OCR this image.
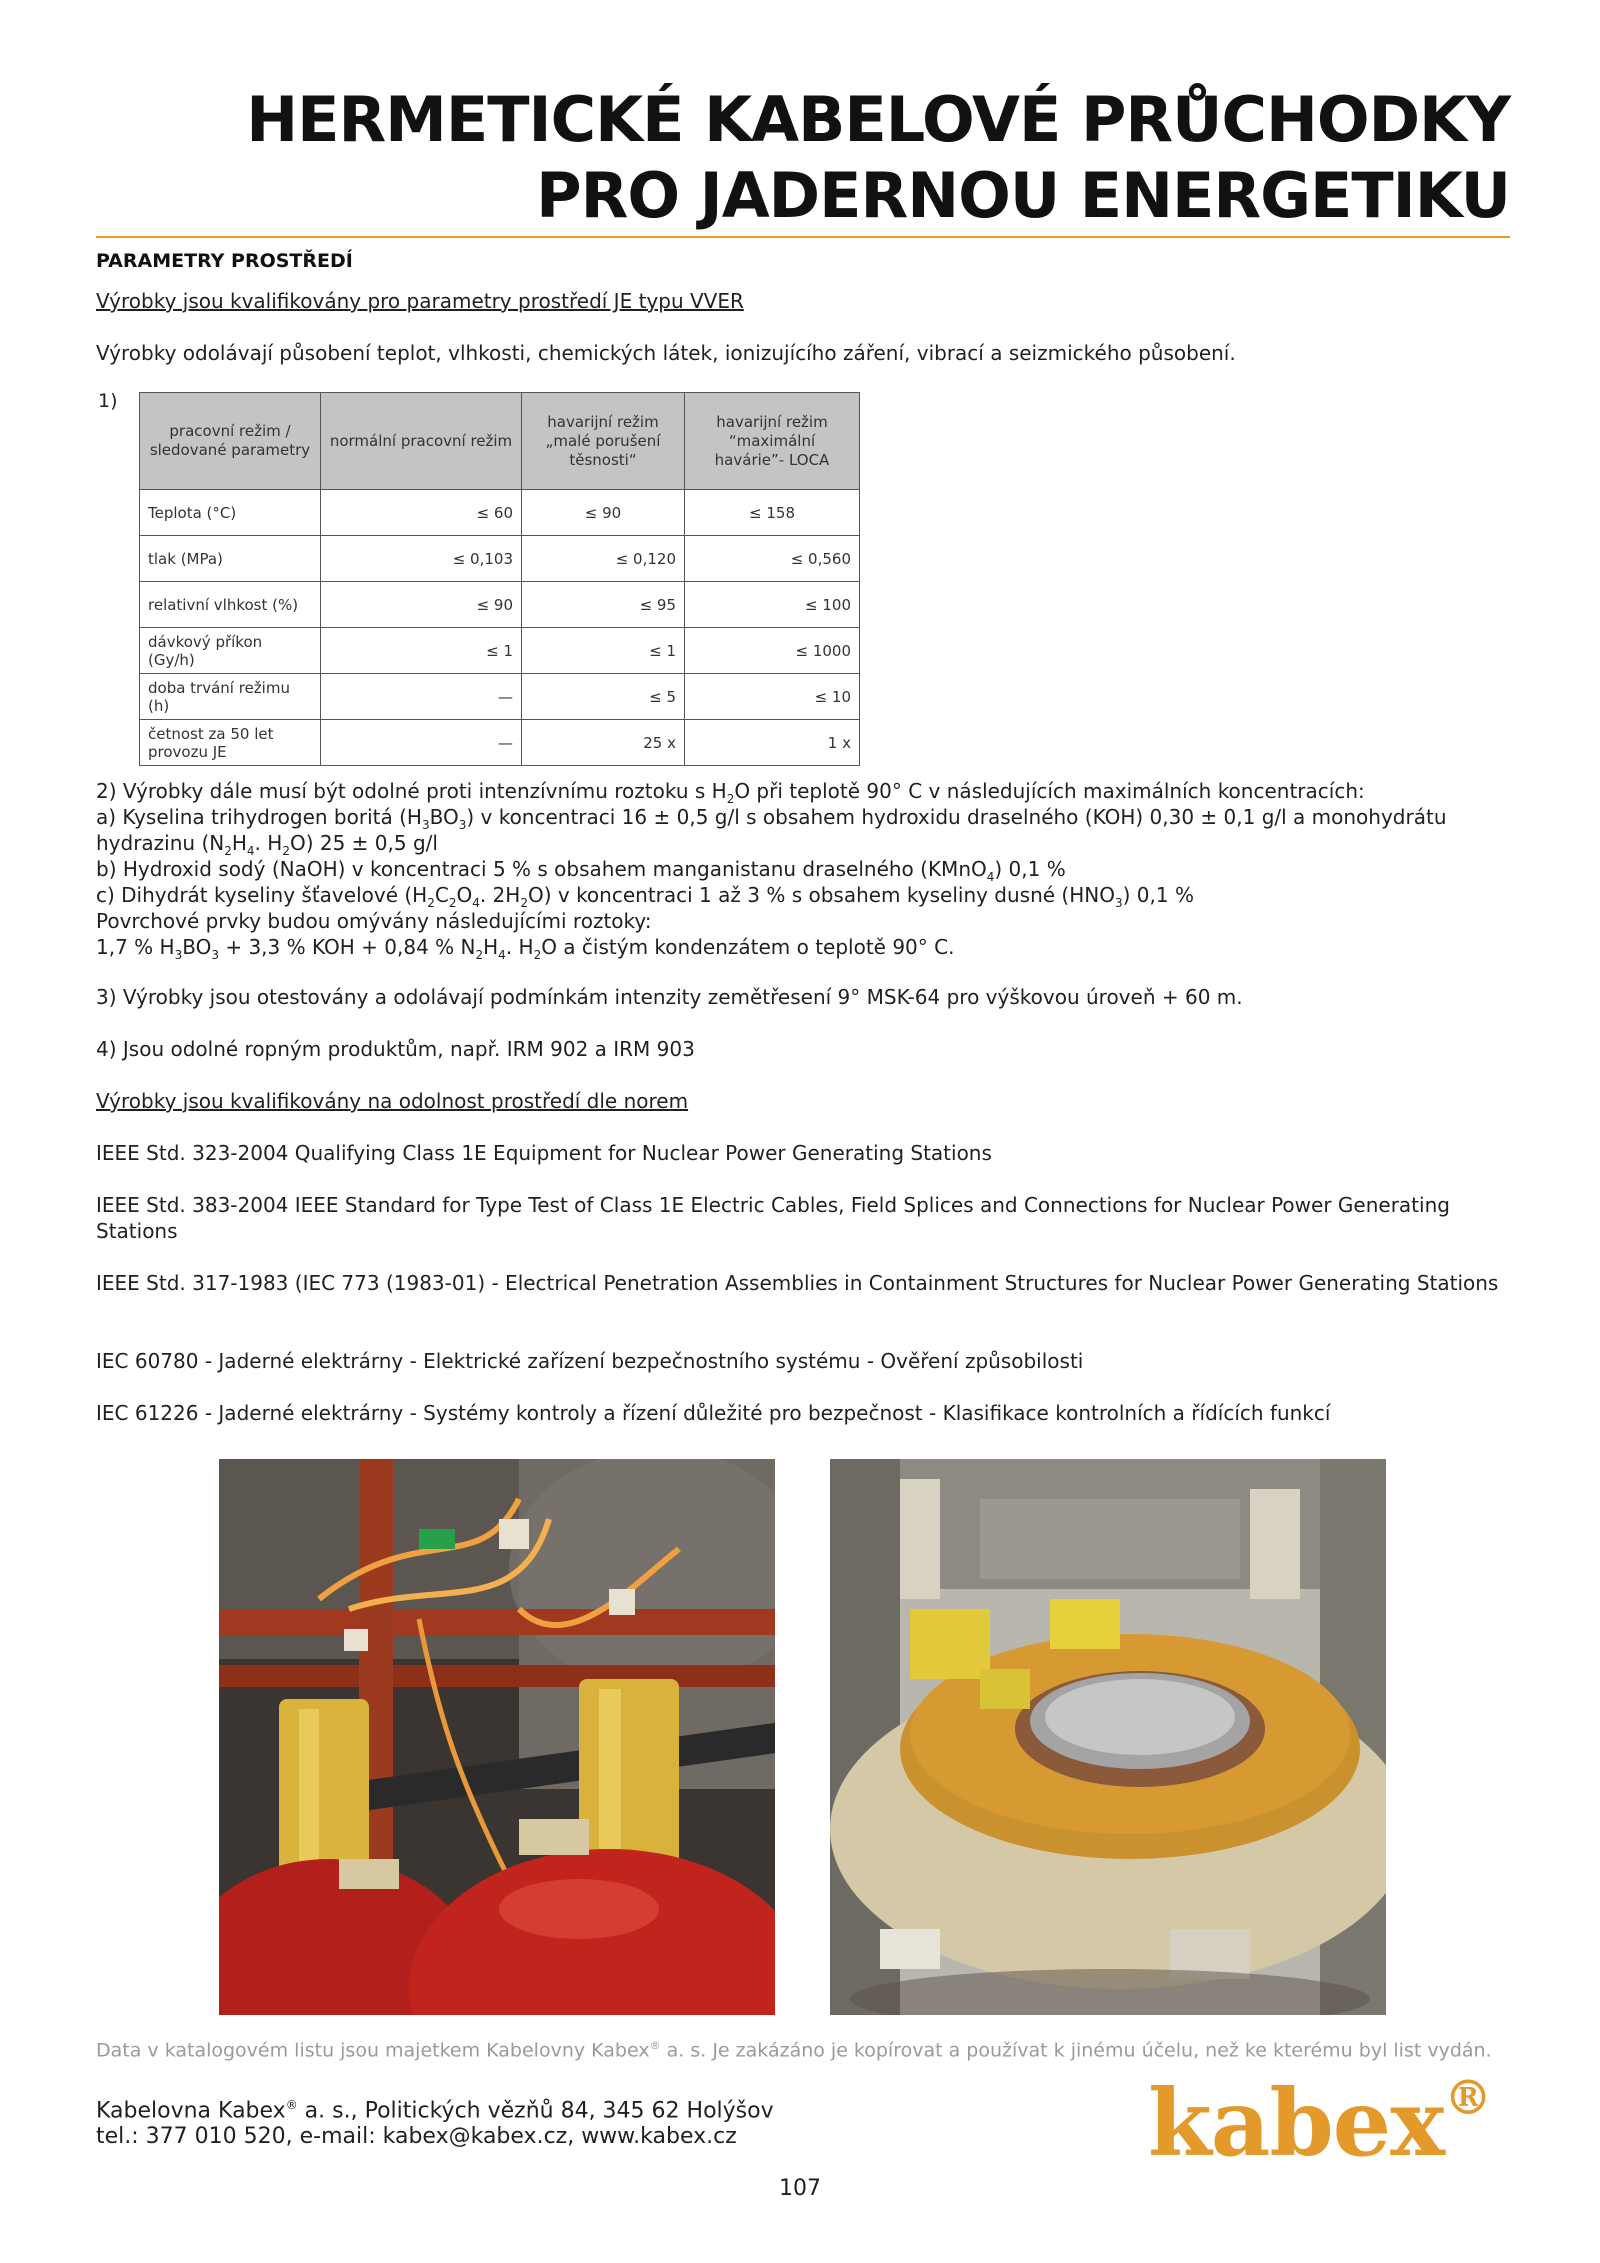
HERMETICKÉ KABELOVÉ PRŮCHODKY
PRO JADERNOU ENERGETIKU
PARAMETRY PROSTŘEDÍ
Výrobky jsou kvalifikovány pro parametry prostředí JE typu VVER
Výrobky odolávají působení teplot, vlhkosti, chemických látek, ionizujícího záření, vibrací a seizmického působení.
1)
pracovní režim / sledované parametry	normální pracovní režim	havarijní režim „malé porušení těsnosti“	havarijní režim “maximální havárie”- LOCA
Teplota (°C)	≤ 60	≤ 90	≤ 158
tlak (MPa)	≤ 0,103	≤ 0,120	≤ 0,560
relativní vlhkost (%)	≤ 90	≤ 95	≤ 100
dávkový příkon (Gy/h)	≤ 1	≤ 1	≤ 1000
doba trvání režimu (h)	—	≤ 5	≤ 10
četnost za 50 let provozu JE	—	25 x	1 x
2) Výrobky dále musí být odolné proti intenzívnímu roztoku s $H_2O$ při teplotě 90° C v následujících maximálních koncentracích:
a) Kyselina trihydrogen boritá $(H_3BO_3)$ v koncentraci 16 ± 0,5 g/l s obsahem hydroxidu draselného (KOH) 0,30 ± 0,1 g/l a monohydrátu
hydrazinu ($N_2H_4$. $H_2O$) 25 ± 0,5 g/l
b) Hydroxid sodý (NaOH) v koncentraci 5 % s obsahem manganistanu draselného (KMnO$_4$) 0,1 %
c) Dihydrát kyseliny šťavelové ($H_2C_2O_4$. $2H_2O$) v koncentraci 1 až 3 % s obsahem kyseliny dusné $(HNO_3)$ 0,1 %
Povrchové prvky budou omývány následujícími roztoky:
1,7 % $H_3BO_3 + 3,3$ % KOH + 0,84 % $N_2H_4$. $H_2O$ a čistým kondenzátem o teplotě 90° C.
3) Výrobky jsou otestovány a odolávají podmínkám intenzity zemětřesení 9° MSK-64 pro výškovou úroveň + 60 m.
4) Jsou odolné ropným produktům, např. IRM 902 a IRM 903
Výrobky jsou kvalifikovány na odolnost prostředí dle norem
IEEE Std. 323-2004 Qualifying Class 1E Equipment for Nuclear Power Generating Stations
IEEE Std. 383-2004 IEEE Standard for Type Test of Class 1E Electric Cables, Field Splices and Connections for Nuclear Power Generating Stations
IEEE Std. 317-1983 (IEC 773 (1983-01) - Electrical Penetration Assemblies in Containment Structures for Nuclear Power Generating Stations
IEC 60780 - Jaderné elektrárny - Elektrické zařízení bezpečnostního systému - Ověření způsobilosti
IEC 61226 - Jaderné elektrárny - Systémy kontroly a řízení důležité pro bezpečnost - Klasifikace kontrolních a řídících funkcí
Data v katalogovém listu jsou majetkem Kabelovny Kabex® a. s. Je zakázáno je kopírovat a používat k jinému účelu, než ke kterému byl list vydán.
Kabelovna Kabex® a. s., Politických vězňů 84, 345 62 Holýšov
tel.: 377 010 520, e-mail: kabex@kabex.cz, www.kabex.cz	kabex®
107
